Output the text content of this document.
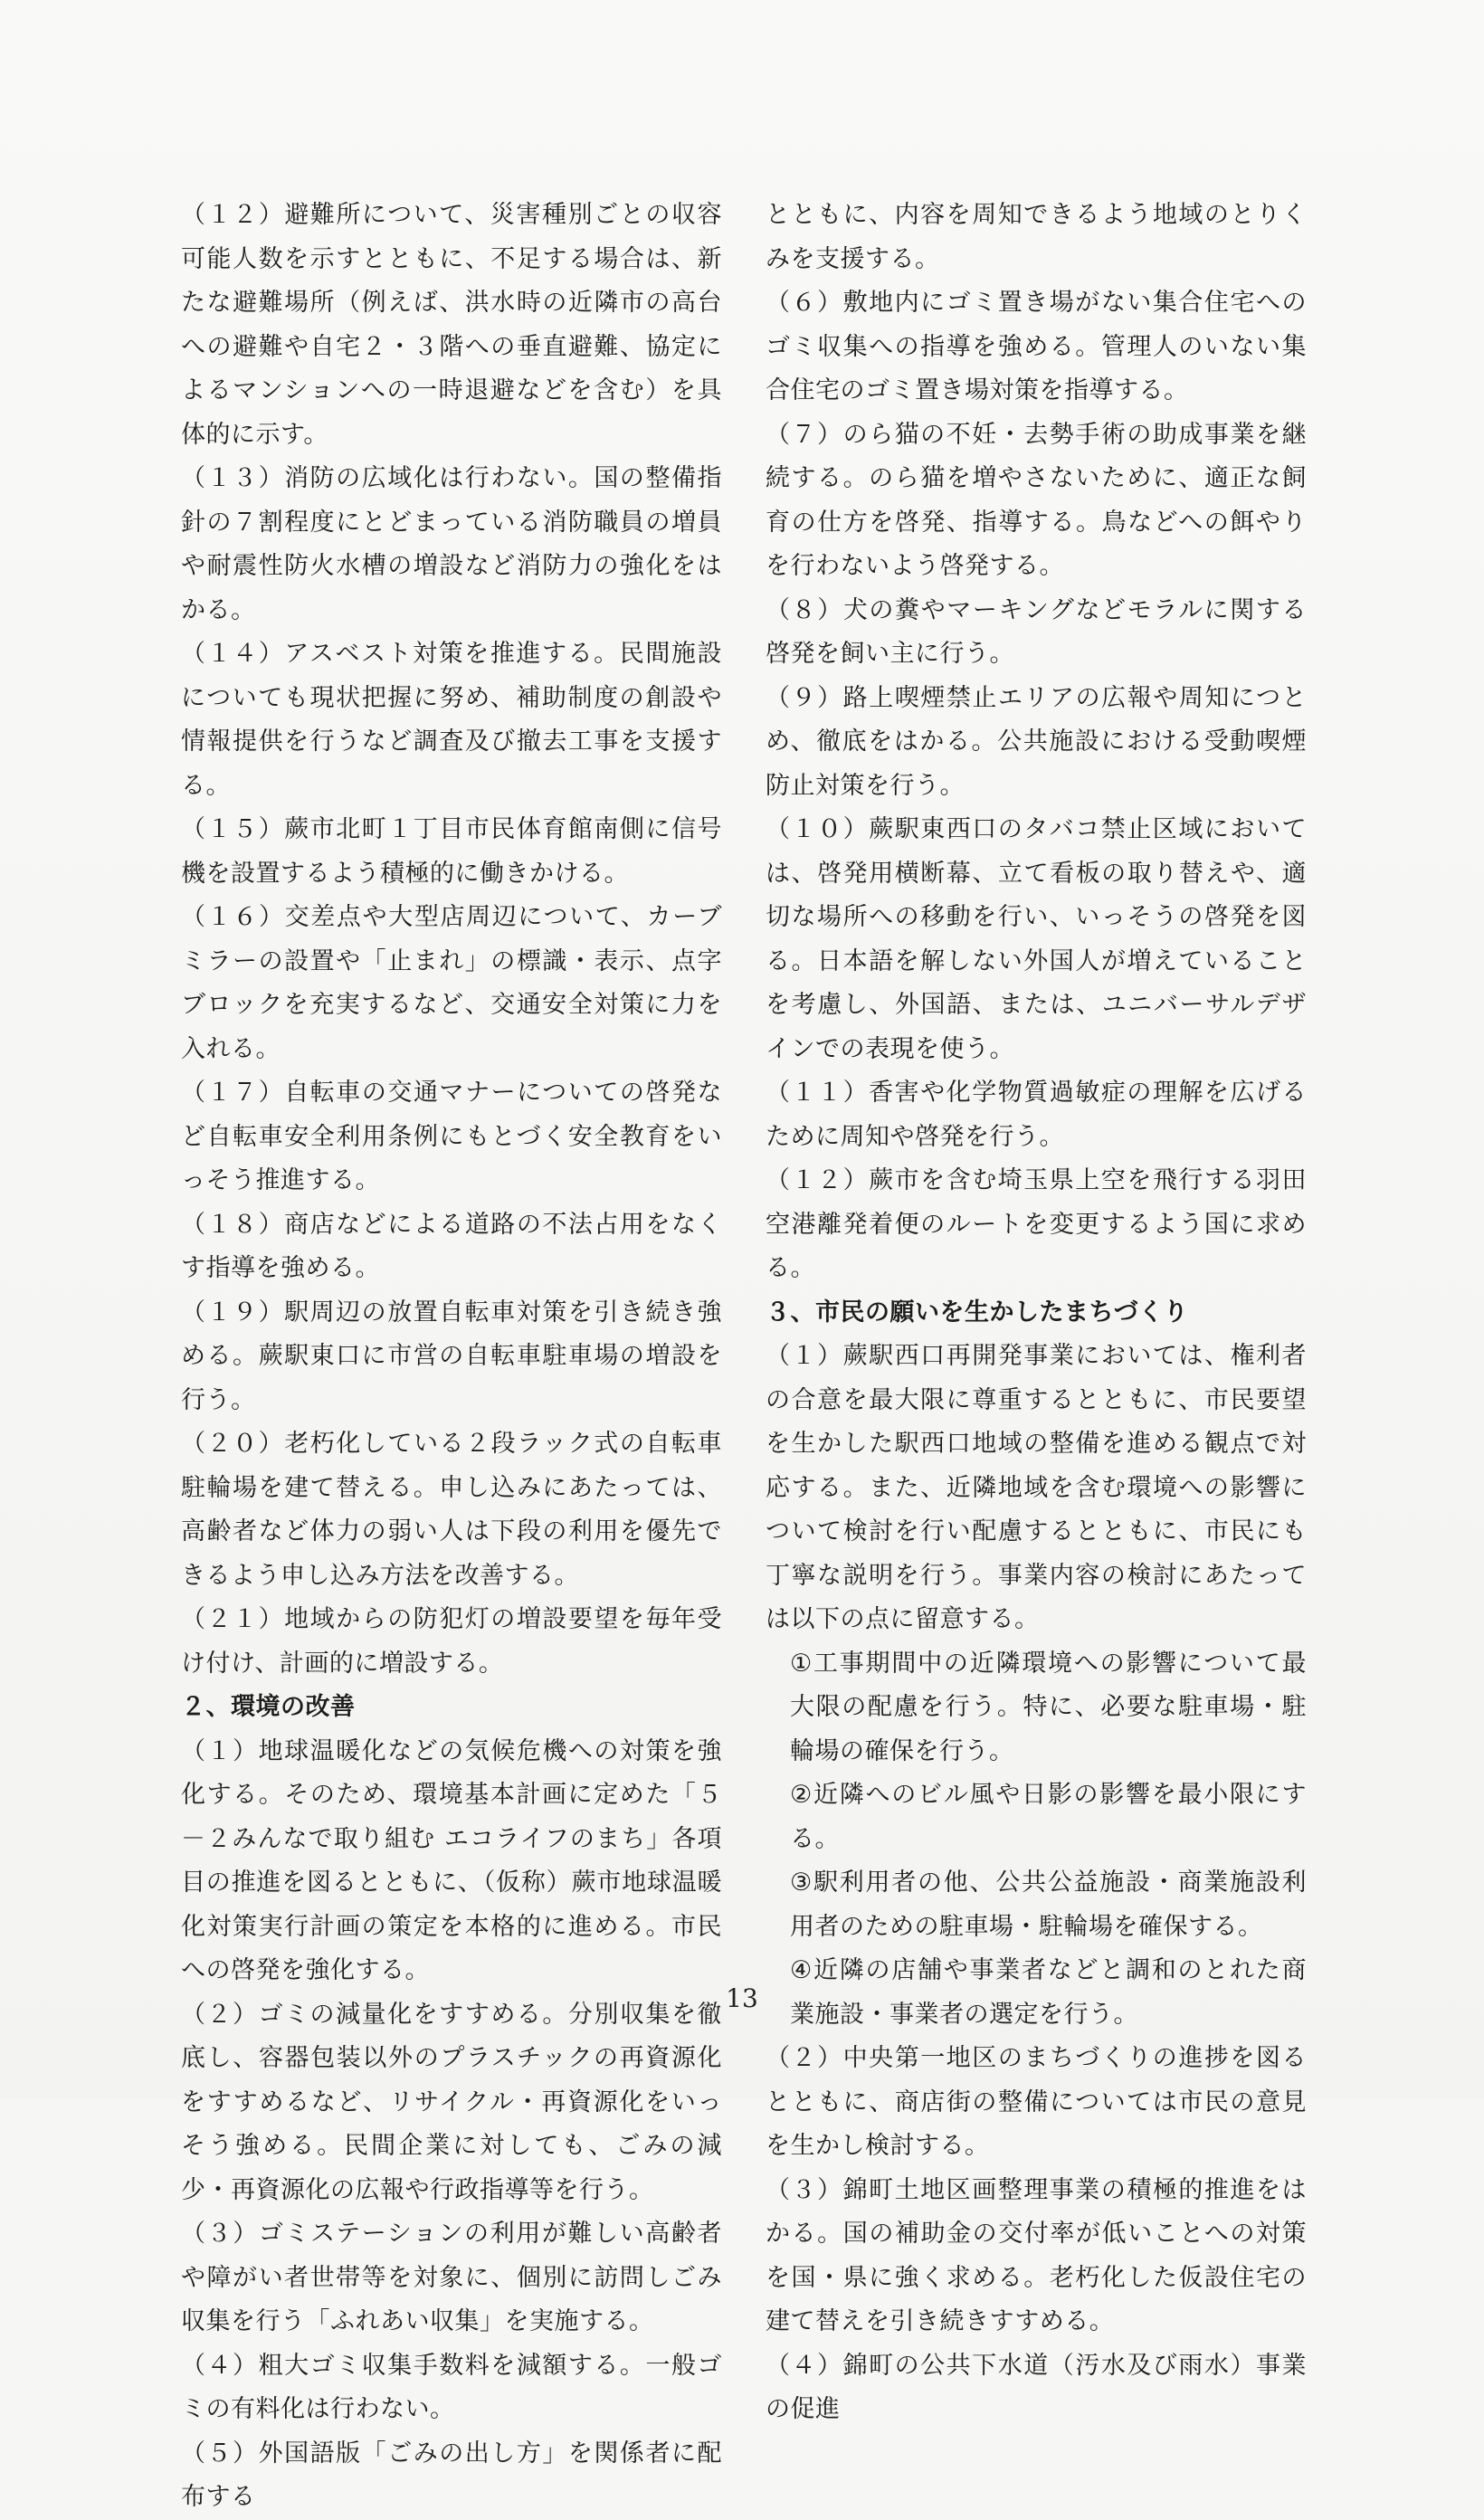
（１２）避難所について、災害種別ごとの収容可能人数を示すとともに、不足する場合は、新たな避難場所（例えば、洪水時の近隣市の高台への避難や自宅２・３階への垂直避難、協定によるマンションへの一時退避などを含む）を具体的に示す。

（１３）消防の広域化は行わない。国の整備指針の７割程度にとどまっている消防職員の増員や耐震性防火水槽の増設など消防力の強化をはかる。

（１４）アスベスト対策を推進する。民間施設についても現状把握に努め、補助制度の創設や情報提供を行うなど調査及び撤去工事を支援する。

（１５）蕨市北町１丁目市民体育館南側に信号機を設置するよう積極的に働きかける。

（１６）交差点や大型店周辺について、カーブミラーの設置や「止まれ」の標識・表示、点字ブロックを充実するなど、交通安全対策に力を入れる。

（１７）自転車の交通マナーについての啓発など自転車安全利用条例にもとづく安全教育をいっそう推進する。

（１８）商店などによる道路の不法占用をなくす指導を強める。

（１９）駅周辺の放置自転車対策を引き続き強める。蕨駅東口に市営の自転車駐車場の増設を行う。

（２０）老朽化している２段ラック式の自転車駐輪場を建て替える。申し込みにあたっては、高齢者など体力の弱い人は下段の利用を優先できるよう申し込み方法を改善する。

（２１）地域からの防犯灯の増設要望を毎年受け付け、計画的に増設する。

２、環境の改善

（１）地球温暖化などの気候危機への対策を強化する。そのため、環境基本計画に定めた「５－２みんなで取り組む エコライフのまち」各項目の推進を図るとともに、（仮称）蕨市地球温暖化対策実行計画の策定を本格的に進める。市民への啓発を強化する。

（２）ゴミの減量化をすすめる。分別収集を徹底し、容器包装以外のプラスチックの再資源化をすすめるなど、リサイクル・再資源化をいっそう強める。民間企業に対しても、ごみの減少・再資源化の広報や行政指導等を行う。

（３）ゴミステーションの利用が難しい高齢者や障がい者世帯等を対象に、個別に訪問しごみ収集を行う「ふれあい収集」を実施する。

（４）粗大ゴミ収集手数料を減額する。一般ゴミの有料化は行わない。

（５）外国語版「ごみの出し方」を関係者に配布する

とともに、内容を周知できるよう地域のとりくみを支援する。

（６）敷地内にゴミ置き場がない集合住宅へのゴミ収集への指導を強める。管理人のいない集合住宅のゴミ置き場対策を指導する。

（７）のら猫の不妊・去勢手術の助成事業を継続する。のら猫を増やさないために、適正な飼育の仕方を啓発、指導する。鳥などへの餌やりを行わないよう啓発する。

（８）犬の糞やマーキングなどモラルに関する啓発を飼い主に行う。

（９）路上喫煙禁止エリアの広報や周知につとめ、徹底をはかる。公共施設における受動喫煙防止対策を行う。

（１０）蕨駅東西口のタバコ禁止区域においては、啓発用横断幕、立て看板の取り替えや、適切な場所への移動を行い、いっそうの啓発を図る。日本語を解しない外国人が増えていることを考慮し、外国語、または、ユニバーサルデザインでの表現を使う。

（１１）香害や化学物質過敏症の理解を広げるために周知や啓発を行う。

（１２）蕨市を含む埼玉県上空を飛行する羽田空港離発着便のルートを変更するよう国に求める。

３、市民の願いを生かしたまちづくり

（１）蕨駅西口再開発事業においては、権利者の合意を最大限に尊重するとともに、市民要望を生かした駅西口地域の整備を進める観点で対応する。また、近隣地域を含む環境への影響について検討を行い配慮するとともに、市民にも丁寧な説明を行う。事業内容の検討にあたっては以下の点に留意する。

①工事期間中の近隣環境への影響について最大限の配慮を行う。特に、必要な駐車場・駐輪場の確保を行う。

②近隣へのビル風や日影の影響を最小限にする。

③駅利用者の他、公共公益施設・商業施設利用者のための駐車場・駐輪場を確保する。

④近隣の店舗や事業者などと調和のとれた商業施設・事業者の選定を行う。

（２）中央第一地区のまちづくりの進捗を図るとともに、商店街の整備については市民の意見を生かし検討する。

（３）錦町土地区画整理事業の積極的推進をはかる。国の補助金の交付率が低いことへの対策を国・県に強く求める。老朽化した仮設住宅の建て替えを引き続きすすめる。

（４）錦町の公共下水道（汚水及び雨水）事業の促進

13
